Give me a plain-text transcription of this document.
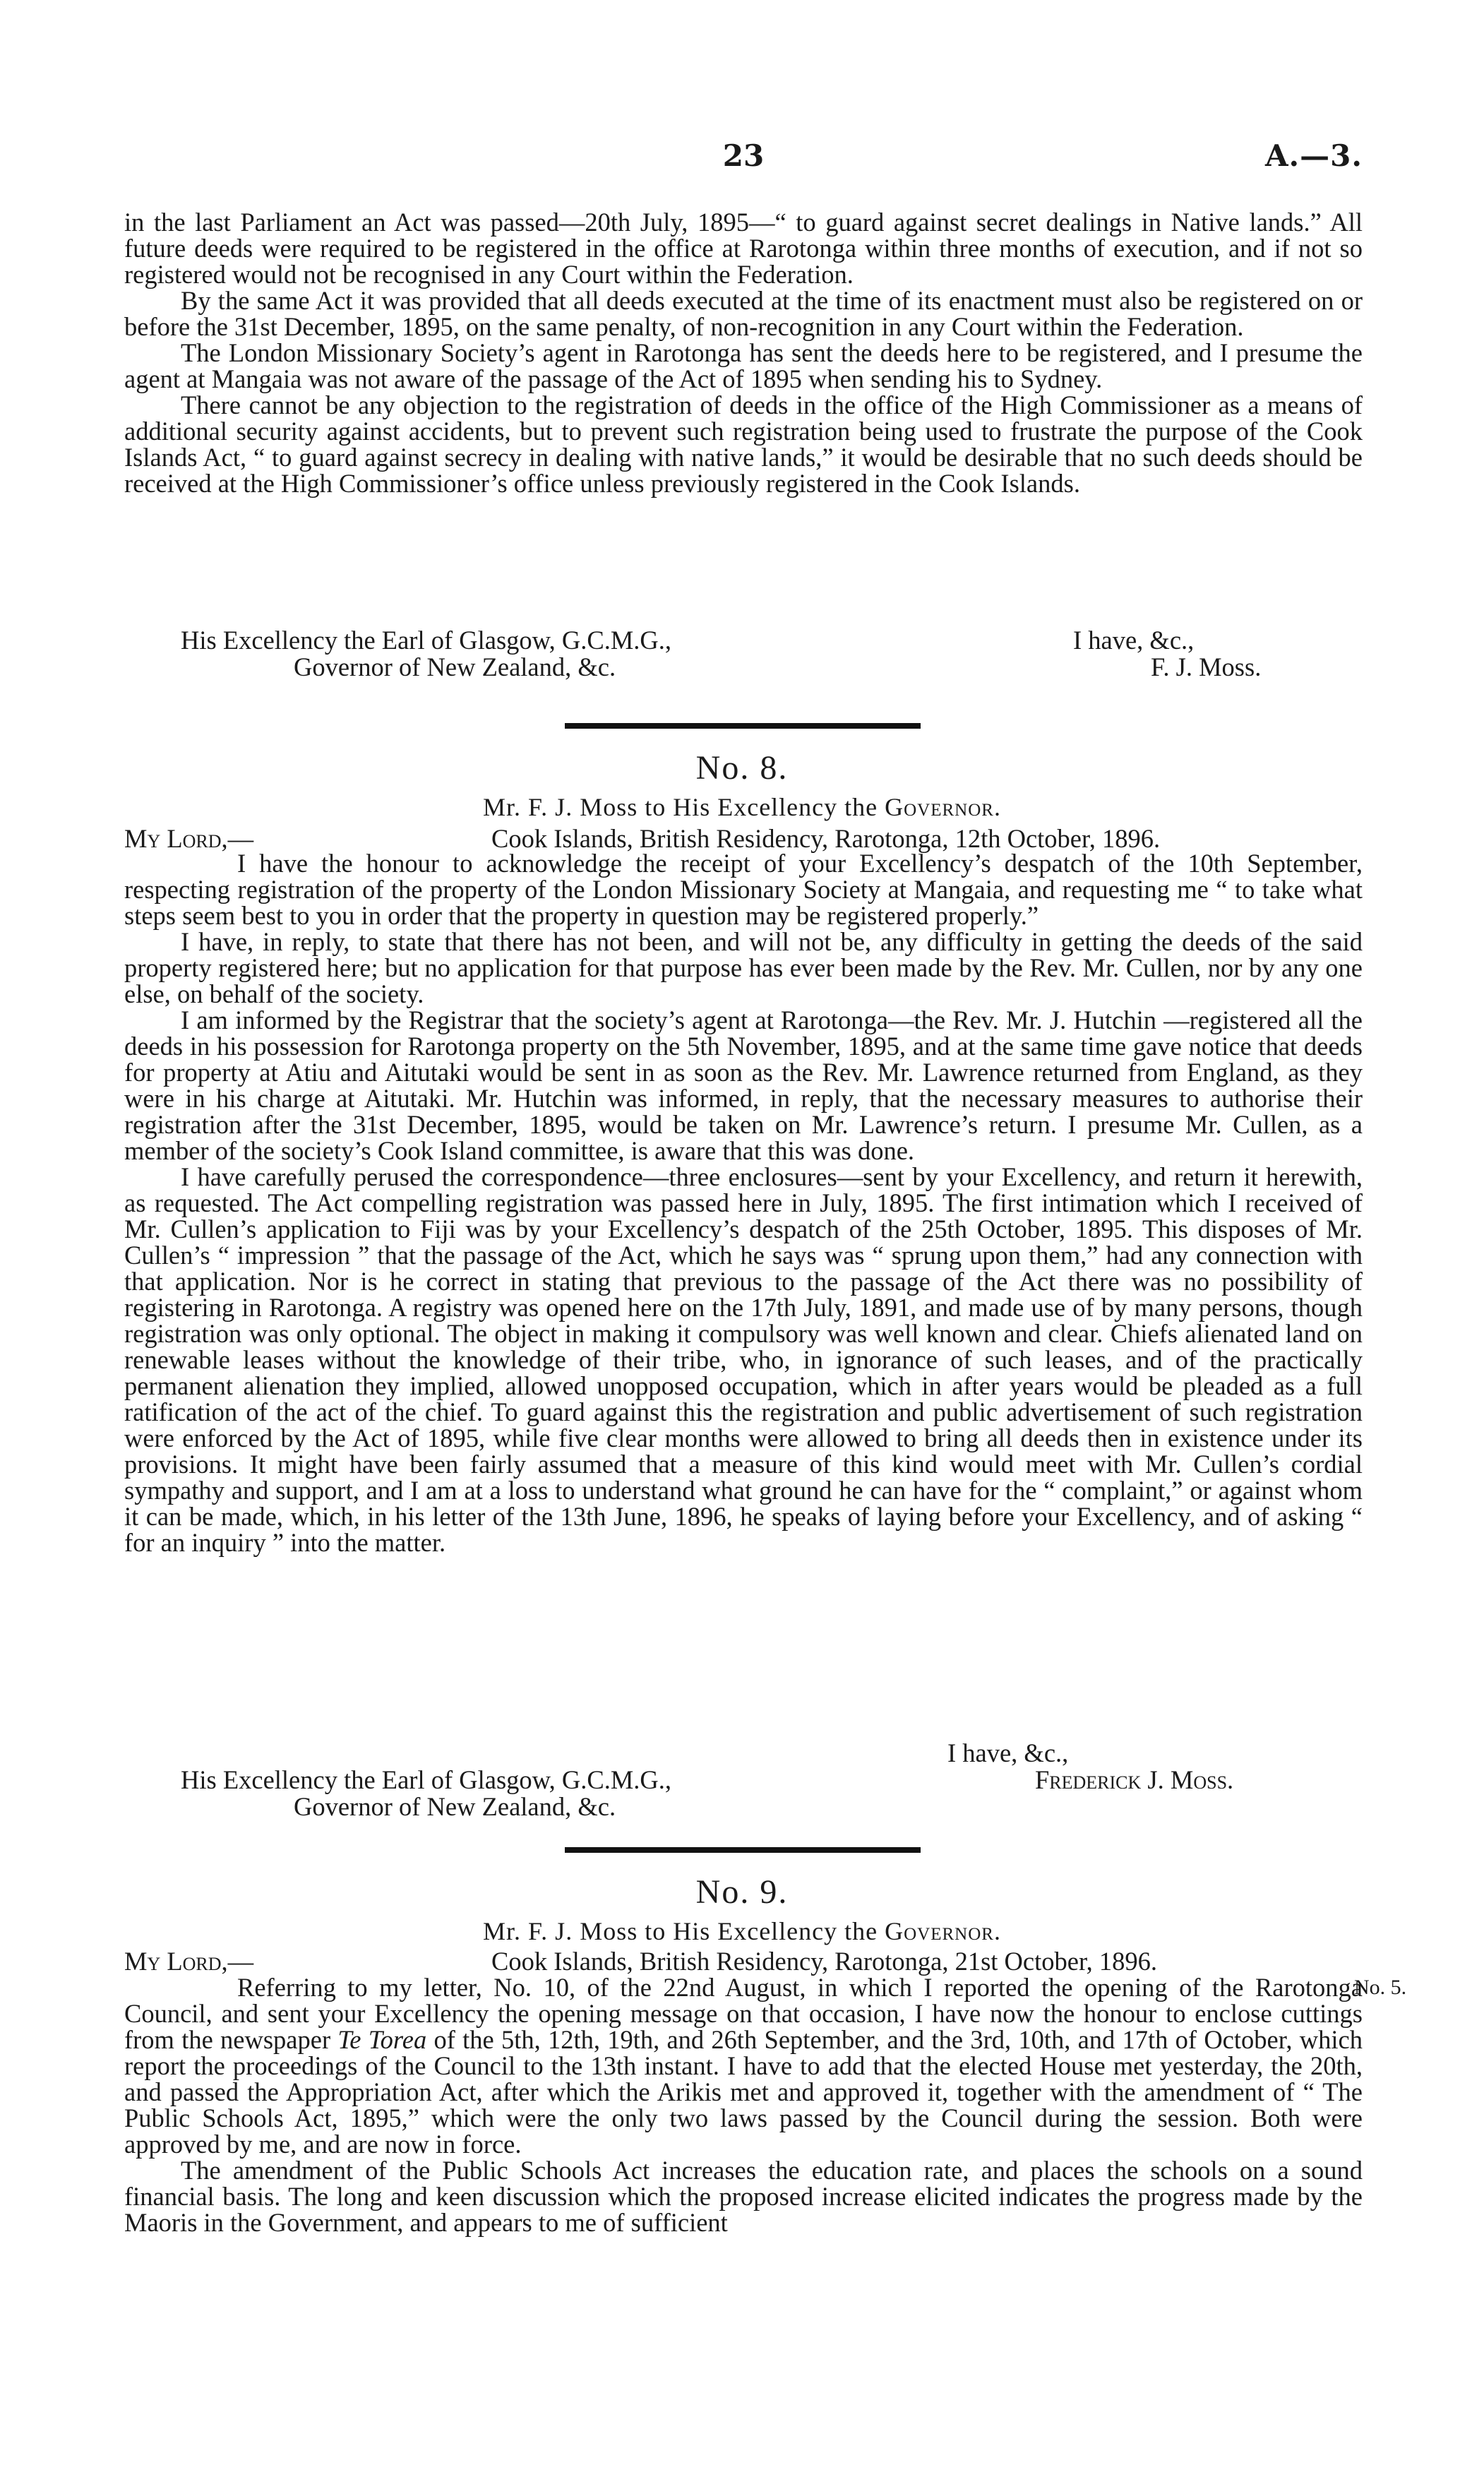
23	A.—3.

in the last Parliament an Act was passed—20th July, 1895—“ to guard against secret dealings in Native lands.” All future deeds were required to be registered in the office at Rarotonga within three months of execution, and if not so registered would not be recognised in any Court within the Federation.

By the same Act it was provided that all deeds executed at the time of its enactment must also be registered on or before the 31st December, 1895, on the same penalty, of non-recognition in any Court within the Federation.

The London Missionary Society’s agent in Rarotonga has sent the deeds here to be registered, and I presume the agent at Mangaia was not aware of the passage of the Act of 1895 when sending his to Sydney.

There cannot be any objection to the registration of deeds in the office of the High Commissioner as a means of additional security against accidents, but to prevent such registration being used to frustrate the purpose of the Cook Islands Act, “ to guard against secrecy in dealing with native lands,” it would be desirable that no such deeds should be received at the High Commissioner’s office unless previously registered in the Cook Islands.

His Excellency the Earl of Glasgow, G.C.M.G.,	I have, &c.,
Governor of New Zealand, &c.	F. J. Moss.
No. 8.
Mr. F. J. Moss to His Excellency the Governor.
My Lord,—	Cook Islands, British Residency, Rarotonga, 12th October, 1896.

I have the honour to acknowledge the receipt of your Excellency’s despatch of the 10th September, respecting registration of the property of the London Missionary Society at Mangaia, and requesting me “ to take what steps seem best to you in order that the property in question may be registered properly.”

I have, in reply, to state that there has not been, and will not be, any difficulty in getting the deeds of the said property registered here; but no application for that purpose has ever been made by the Rev. Mr. Cullen, nor by any one else, on behalf of the society.

I am informed by the Registrar that the society’s agent at Rarotonga—the Rev. Mr. J. Hutchin —registered all the deeds in his possession for Rarotonga property on the 5th November, 1895, and at the same time gave notice that deeds for property at Atiu and Aitutaki would be sent in as soon as the Rev. Mr. Lawrence returned from England, as they were in his charge at Aitutaki. Mr. Hutchin was informed, in reply, that the necessary measures to authorise their registration after the 31st December, 1895, would be taken on Mr. Lawrence’s return. I presume Mr. Cullen, as a member of the society’s Cook Island committee, is aware that this was done.

I have carefully perused the correspondence—three enclosures—sent by your Excellency, and return it herewith, as requested. The Act compelling registration was passed here in July, 1895. The first intimation which I received of Mr. Cullen’s application to Fiji was by your Excellency’s despatch of the 25th October, 1895. This disposes of Mr. Cullen’s “ impression ” that the passage of the Act, which he says was “ sprung upon them,” had any connection with that application. Nor is he correct in stating that previous to the passage of the Act there was no possibility of registering in Rarotonga. A registry was opened here on the 17th July, 1891, and made use of by many persons, though registration was only optional. The object in making it compulsory was well known and clear. Chiefs alienated land on renewable leases without the knowledge of their tribe, who, in ignorance of such leases, and of the practically permanent alienation they implied, allowed unopposed occupation, which in after years would be pleaded as a full ratification of the act of the chief. To guard against this the registration and public advertisement of such registration were enforced by the Act of 1895, while five clear months were allowed to bring all deeds then in existence under its provisions. It might have been fairly assumed that a measure of this kind would meet with Mr. Cullen’s cordial sympathy and support, and I am at a loss to understand what ground he can have for the “ complaint,” or against whom it can be made, which, in his letter of the 13th June, 1896, he speaks of laying before your Excellency, and of asking “ for an inquiry ” into the matter.

His Excellency the Earl of Glasgow, G.C.M.G.,	Frederick J. Moss.
Governor of New Zealand, &c.
No. 9.
Mr. F. J. Moss to His Excellency the Governor.
My Lord,—	Cook Islands, British Residency, Rarotonga, 21st October, 1896.
No. 5.

Referring to my letter, No. 10, of the 22nd August, in which I reported the opening of the Rarotonga Council, and sent your Excellency the opening message on that occasion, I have now the honour to enclose cuttings from the newspaper Te Torea of the 5th, 12th, 19th, and 26th September, and the 3rd, 10th, and 17th of October, which report the proceedings of the Council to the 13th instant. I have to add that the elected House met yesterday, the 20th, and passed the Appropriation Act, after which the Arikis met and approved it, together with the amendment of “ The Public Schools Act, 1895,” which were the only two laws passed by the Council during the session. Both were approved by me, and are now in force.

The amendment of the Public Schools Act increases the education rate, and places the schools on a sound financial basis. The long and keen discussion which the proposed increase elicited indicates the progress made by the Maoris in the Government, and appears to me of sufficient

I have, &c.,
